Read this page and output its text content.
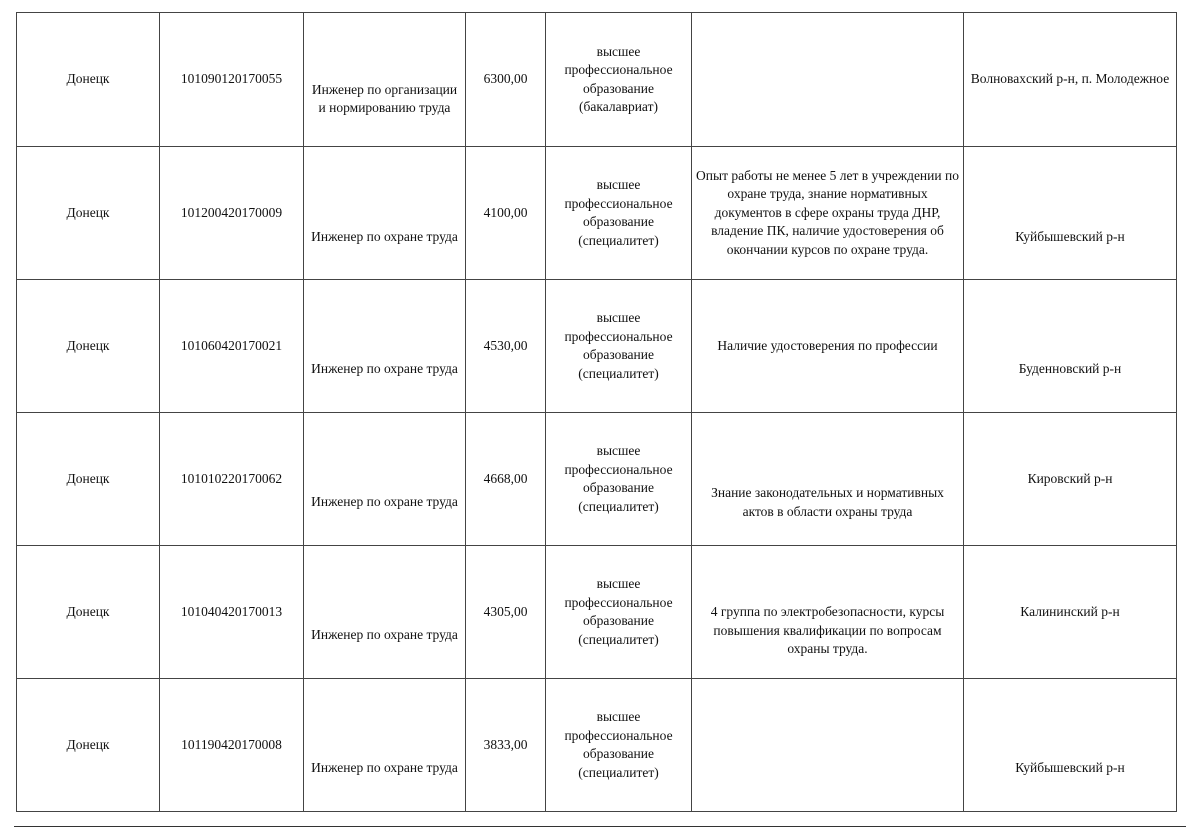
Донецк	101090120170055	Инженер по организации и нормированию труда	6300,00	высшее профессиональное образование (бакалавриат)		Волноваxский р-н, п. Молодежное
Донецк	101200420170009	Инженер по охране труда	4100,00	высшее профессиональное образование (специалитет)	Опыт работы не менее 5 лет в учреждении по охране труда, знание нормативных документов в сфере охраны труда ДНР, владение ПК, наличие удостоверения об окончании курсов по охране труда.	Куйбышевский р-н
Донецк	101060420170021	Инженер по охране труда	4530,00	высшее профессиональное образование (специалитет)	Наличие удостоверения по профессии	Буденновский р-н
Донецк	101010220170062	Инженер по охране труда	4668,00	высшее профессиональное образование (специалитет)	Знание законодательных и нормативных актов в области охраны труда	Кировский р-н
Донецк	101040420170013	Инженер по охране труда	4305,00	высшее профессиональное образование (специалитет)	4 группа по электробезопасности, курсы повышения квалификации по вопросам охраны труда.	Калининский р-н
Донецк	101190420170008	Инженер по охране труда	3833,00	высшее профессиональное образование (специалитет)		Куйбышевский р-н
